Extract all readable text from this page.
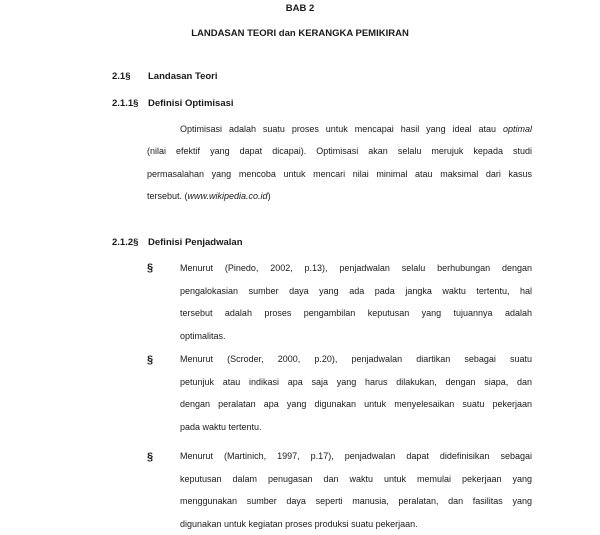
BAB 2
LANDASAN TEORI dan KERANGKA PEMIKIRAN
2.1§ Landasan Teori
2.1.1§ Definisi Optimisasi
Optimisasi adalah suatu proses untuk mencapai hasil yang ideal atau optimal
(nilai efektif yang dapat dicapai). Optimisasi akan selalu merujuk kepada studi
permasalahan yang mencoba untuk mencari nilai minimal atau maksimal dari kasus
tersebut. (www.wikipedia.co.id)
2.1.2§ Definisi Penjadwalan
§	Menurut (Pinedo, 2002, p.13), penjadwalan selalu berhubungan dengan
pengalokasian sumber daya yang ada pada jangka waktu tertentu, hal
tersebut adalah proses pengambilan keputusan yang tujuannya adalah
optimalitas.
§	Menurut (Scroder, 2000, p.20), penjadwalan diartikan sebagai suatu
petunjuk atau indikasi apa saja yang harus dilakukan, dengan siapa, dan
dengan peralatan apa yang digunakan untuk menyelesaikan suatu pekerjaan
pada waktu tertentu.
§	Menurut (Martinich, 1997, p.17), penjadwalan dapat didefinisikan sebagai
keputusan dalam penugasan dan waktu untuk memulai pekerjaan yang
menggunakan sumber daya seperti manusia, peralatan, dan fasilitas yang
digunakan untuk kegiatan proses produksi suatu pekerjaan.
